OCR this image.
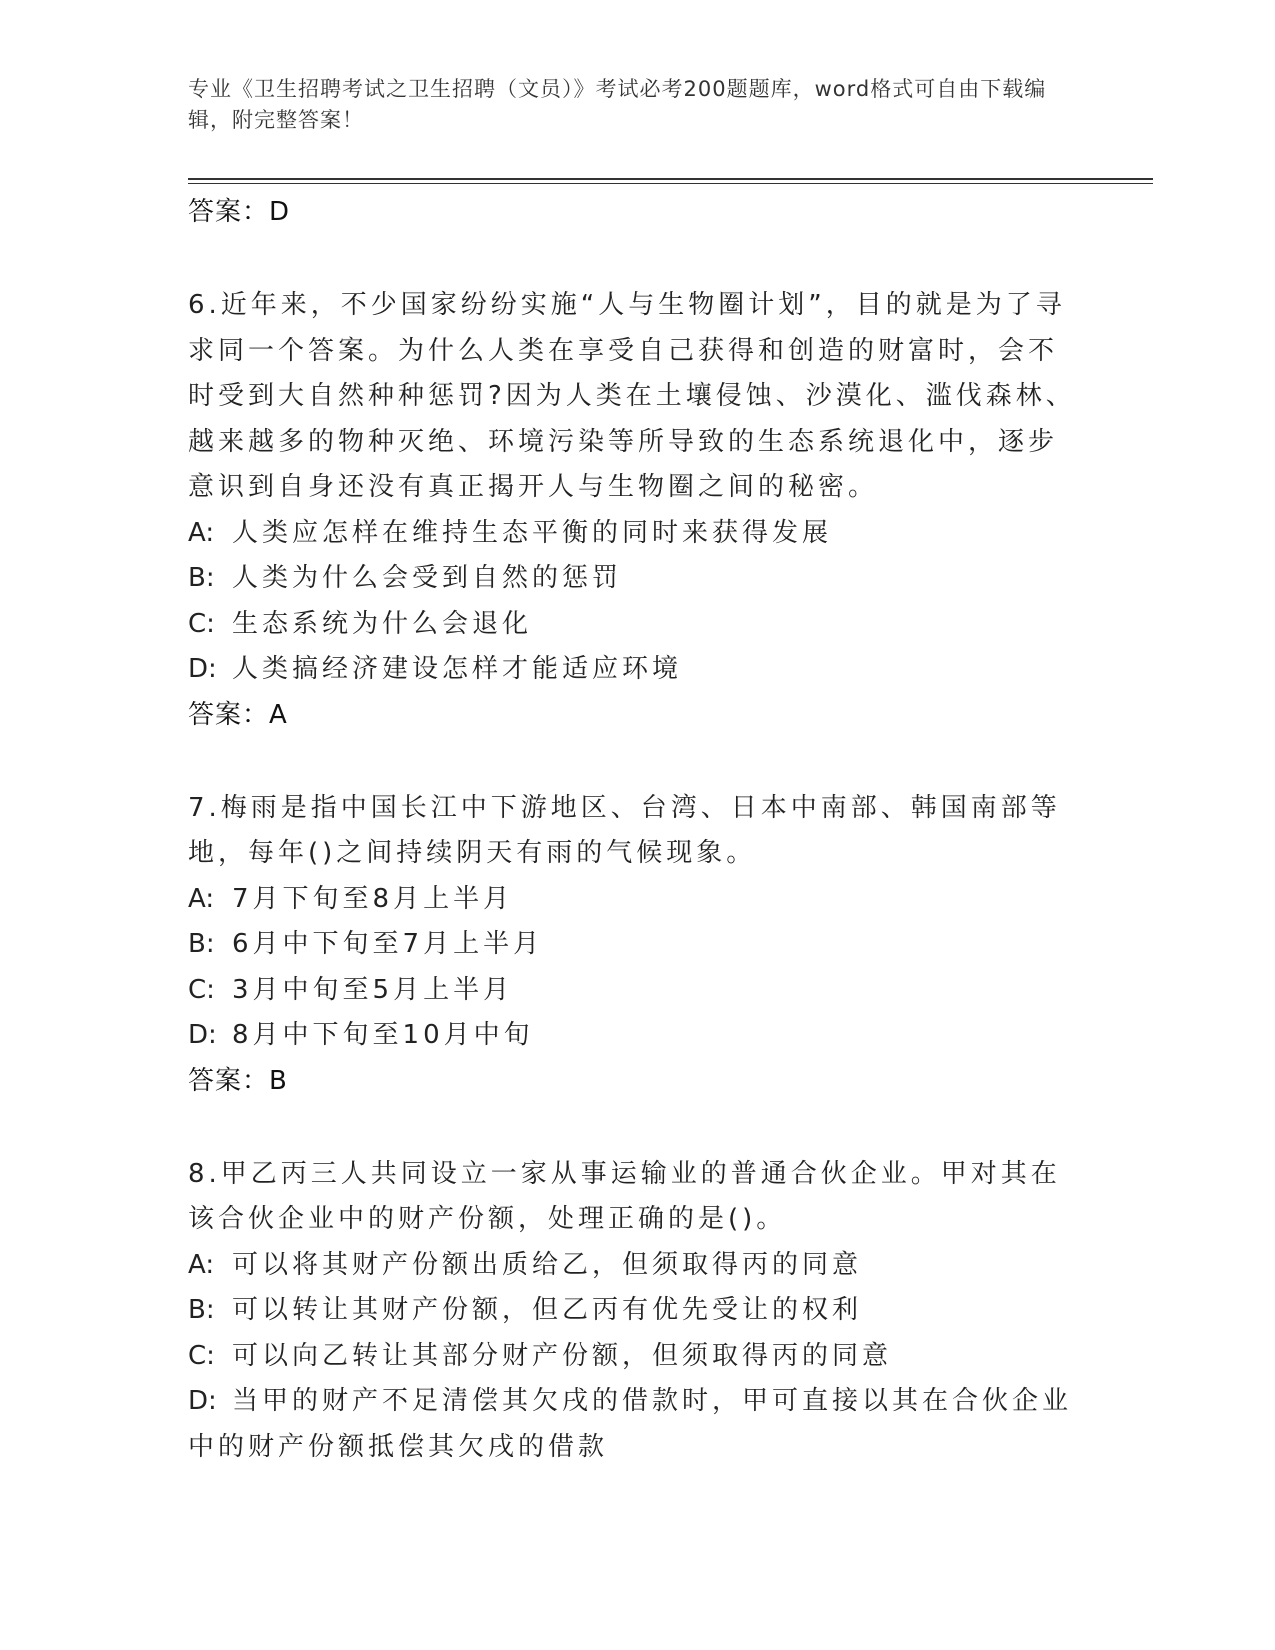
专业《卫生招聘考试之卫生招聘（文员）》考试必考200题题库，word格式可自由下载编辑，附完整答案！
答案：D

6.近年来，不少国家纷纷实施“人与生物圈计划”，目的就是为了寻求同一个答案。为什么人类在享受自己获得和创造的财富时，会不时受到大自然种种惩罚?因为人类在土壤侵蚀、沙漠化、滥伐森林、越来越多的物种灭绝、环境污染等所导致的生态系统退化中，逐步意识到自身还没有真正揭开人与生物圈之间的秘密。

A: 人类应怎样在维持生态平衡的同时来获得发展
B: 人类为什么会受到自然的惩罚
C: 生态系统为什么会退化
D: 人类搞经济建设怎样才能适应环境
答案：A

7.梅雨是指中国长江中下游地区、台湾、日本中南部、韩国南部等地，每年()之间持续阴天有雨的气候现象。

A: 7月下旬至8月上半月
B: 6月中下旬至7月上半月
C: 3月中旬至5月上半月
D: 8月中下旬至10月中旬
答案：B

8.甲乙丙三人共同设立一家从事运输业的普通合伙企业。甲对其在该合伙企业中的财产份额，处理正确的是()。

A: 可以将其财产份额出质给乙，但须取得丙的同意
B: 可以转让其财产份额，但乙丙有优先受让的权利
C: 可以向乙转让其部分财产份额，但须取得丙的同意
D: 当甲的财产不足清偿其欠戌的借款时，甲可直接以其在合伙企业中的财产份额抵偿其欠戌的借款
